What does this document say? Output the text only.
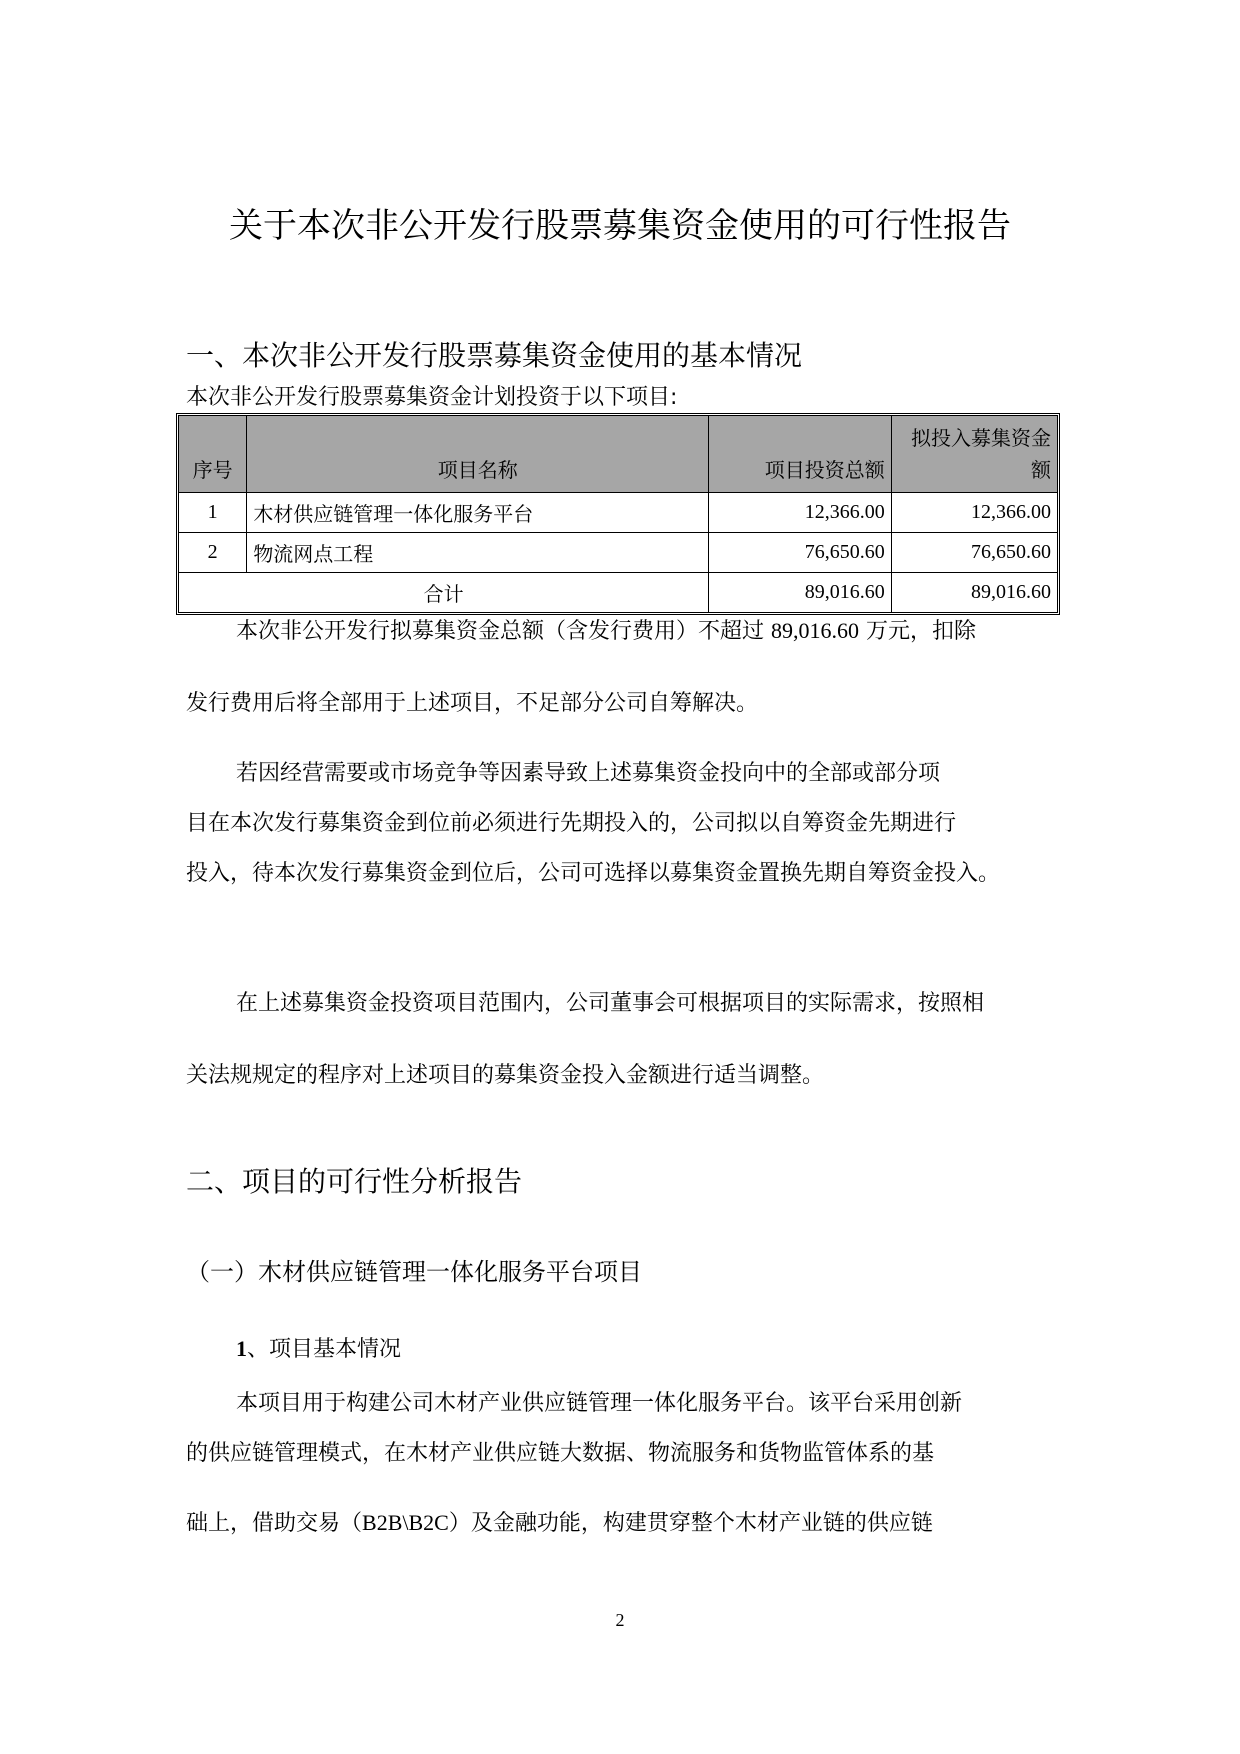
关于本次非公开发行股票募集资金使用的可行性报告
一、本次非公开发行股票募集资金使用的基本情况
本次非公开发行股票募集资金计划投资于以下项目:
序号	项目名称	项目投资总额	拟投入募集资金
额
1	木材供应链管理一体化服务平台	12,366.00	12,366.00
2	物流网点工程	76,650.60	76,650.60
合计		89,016.60	89,016.60
本次非公开发行拟募集资金总额（含发行费用）不超过 89,016.60 万元，扣除
发行费用后将全部用于上述项目，不足部分公司自筹解决。
若因经营需要或市场竞争等因素导致上述募集资金投向中的全部或部分项
目在本次发行募集资金到位前必须进行先期投入的，公司拟以自筹资金先期进行
投入，待本次发行募集资金到位后，公司可选择以募集资金置换先期自筹资金投入。
在上述募集资金投资项目范围内，公司董事会可根据项目的实际需求，按照相
关法规规定的程序对上述项目的募集资金投入金额进行适当调整。
二、项目的可行性分析报告
（一）木材供应链管理一体化服务平台项目
1、项目基本情况
本项目用于构建公司木材产业供应链管理一体化服务平台。该平台采用创新
的供应链管理模式，在木材产业供应链大数据、物流服务和货物监管体系的基
础上，借助交易（B2B\B2C）及金融功能，构建贯穿整个木材产业链的供应链
2
